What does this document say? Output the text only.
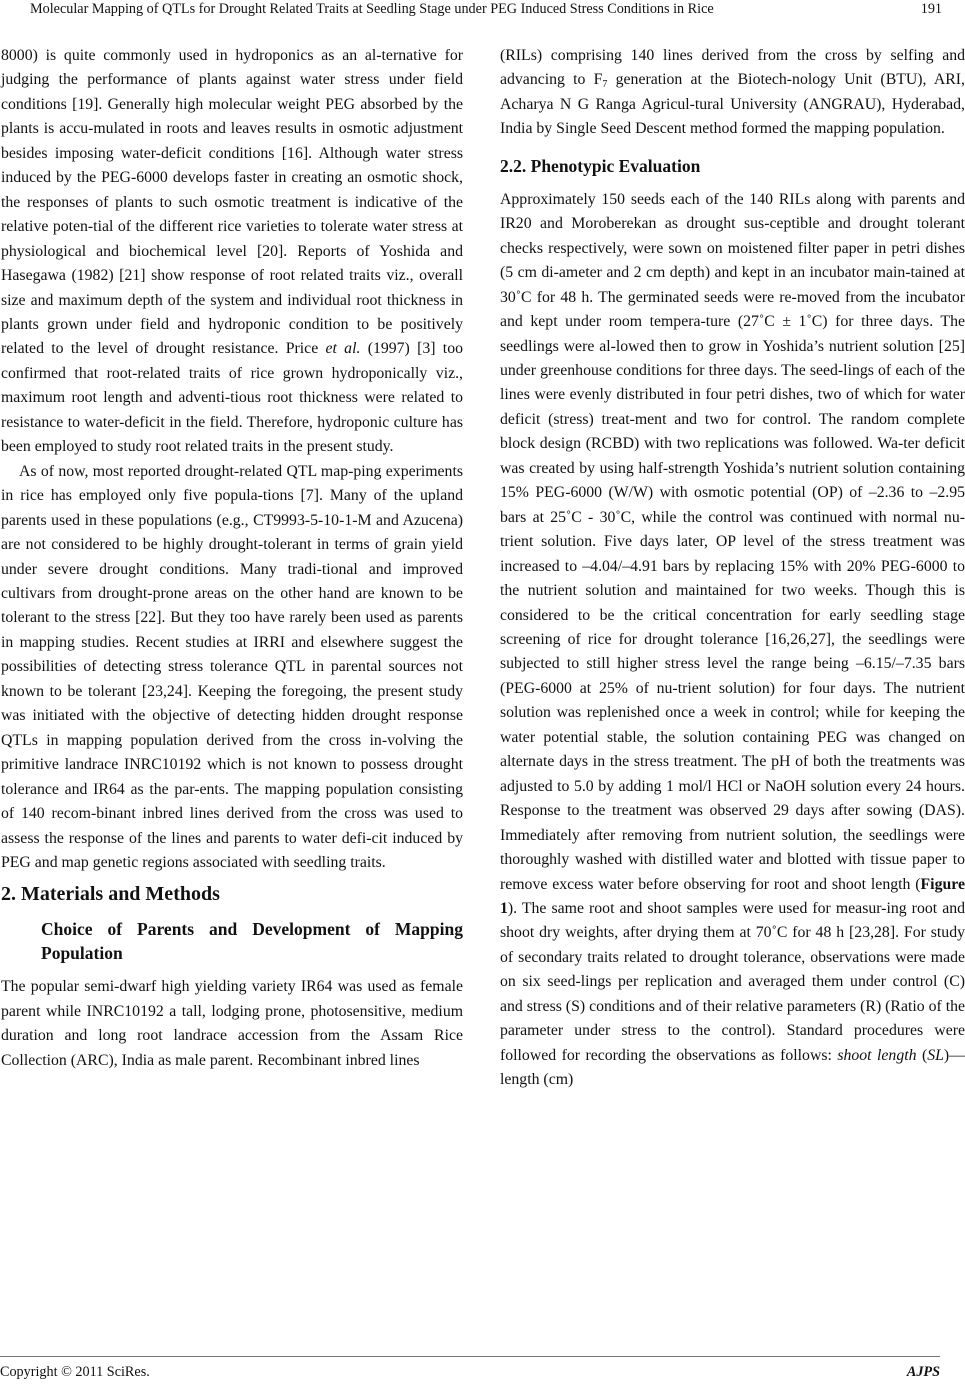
Molecular Mapping of QTLs for Drought Related Traits at Seedling Stage under PEG Induced Stress Conditions in Rice	191

8000) is quite commonly used in hydroponics as an al-ternative for judging the performance of plants against water stress under field conditions [19]. Generally high molecular weight PEG absorbed by the plants is accu-mulated in roots and leaves results in osmotic adjustment besides imposing water-deficit conditions [16]. Although water stress induced by the PEG-6000 develops faster in creating an osmotic shock, the responses of plants to such osmotic treatment is indicative of the relative poten-tial of the different rice varieties to tolerate water stress at physiological and biochemical level [20]. Reports of Yoshida and Hasegawa (1982) [21] show response of root related traits viz., overall size and maximum depth of the system and individual root thickness in plants grown under field and hydroponic condition to be positively related to the level of drought resistance. Price et al. (1997) [3] too confirmed that root-related traits of rice grown hydroponically viz., maximum root length and adventi-tious root thickness were related to resistance to water-deficit in the field. Therefore, hydroponic culture has been employed to study root related traits in the present study.

As of now, most reported drought-related QTL map-ping experiments in rice has employed only five popula-tions [7]. Many of the upland parents used in these populations (e.g., CT9993-5-10-1-M and Azucena) are not considered to be highly drought-tolerant in terms of grain yield under severe drought conditions. Many tradi-tional and improved cultivars from drought-prone areas on the other hand are known to be tolerant to the stress [22]. But they too have rarely been used as parents in mapping studies. Recent studies at IRRI and elsewhere suggest the possibilities of detecting stress tolerance QTL in parental sources not known to be tolerant [23,24]. Keeping the foregoing, the present study was initiated with the objective of detecting hidden drought response QTLs in mapping population derived from the cross in-volving the primitive landrace INRC10192 which is not known to possess drought tolerance and IR64 as the par-ents. The mapping population consisting of 140 recom-binant inbred lines derived from the cross was used to assess the response of the lines and parents to water defi-cit induced by PEG and map genetic regions associated with seedling traits.

2. Materials and Methods
Choice of Parents and Development of Mapping Population

The popular semi-dwarf high yielding variety IR64 was used as female parent while INRC10192 a tall, lodging prone, photosensitive, medium duration and long root landrace accession from the Assam Rice Collection (ARC), India as male parent. Recombinant inbred lines

(RILs) comprising 140 lines derived from the cross by selfing and advancing to $F_7$ generation at the Biotech-nology Unit (BTU), ARI, Acharya N G Ranga Agricul-tural University (ANGRAU), Hyderabad, India by Single Seed Descent method formed the mapping population.

2.2. Phenotypic Evaluation

Approximately 150 seeds each of the 140 RILs along with parents and IR20 and Moroberekan as drought sus-ceptible and drought tolerant checks respectively, were sown on moistened filter paper in petri dishes (5 cm di-ameter and 2 cm depth) and kept in an incubator main-tained at 30˚C for 48 h. The germinated seeds were re-moved from the incubator and kept under room tempera-ture (27˚C ± 1˚C) for three days. The seedlings were al-lowed then to grow in Yoshida’s nutrient solution [25] under greenhouse conditions for three days. The seed-lings of each of the lines were evenly distributed in four petri dishes, two of which for water deficit (stress) treat-ment and two for control. The random complete block design (RCBD) with two replications was followed. Wa-ter deficit was created by using half-strength Yoshida’s nutrient solution containing 15% PEG-6000 (W/W) with osmotic potential (OP) of –2.36 to –2.95 bars at 25˚C - 30˚C, while the control was continued with normal nu-trient solution. Five days later, OP level of the stress treatment was increased to –4.04/–4.91 bars by replacing 15% with 20% PEG-6000 to the nutrient solution and maintained for two weeks. Though this is considered to be the critical concentration for early seedling stage screening of rice for drought tolerance [16,26,27], the seedlings were subjected to still higher stress level the range being –6.15/–7.35 bars (PEG-6000 at 25% of nu-trient solution) for four days. The nutrient solution was replenished once a week in control; while for keeping the water potential stable, the solution containing PEG was changed on alternate days in the stress treatment. The pH of both the treatments was adjusted to 5.0 by adding 1 mol/l HCl or NaOH solution every 24 hours. Response to the treatment was observed 29 days after sowing (DAS). Immediately after removing from nutrient solution, the seedlings were thoroughly washed with distilled water and blotted with tissue paper to remove excess water before observing for root and shoot length (Figure 1). The same root and shoot samples were used for measur-ing root and shoot dry weights, after drying them at 70˚C for 48 h [23,28]. For study of secondary traits related to drought tolerance, observations were made on six seed-lings per replication and averaged them under control (C) and stress (S) conditions and of their relative parameters (R) (Ratio of the parameter under stress to the control). Standard procedures were followed for recording the observations as follows: shoot length (SL)—length (cm)

Copyright © 2011 SciRes.	AJPS
